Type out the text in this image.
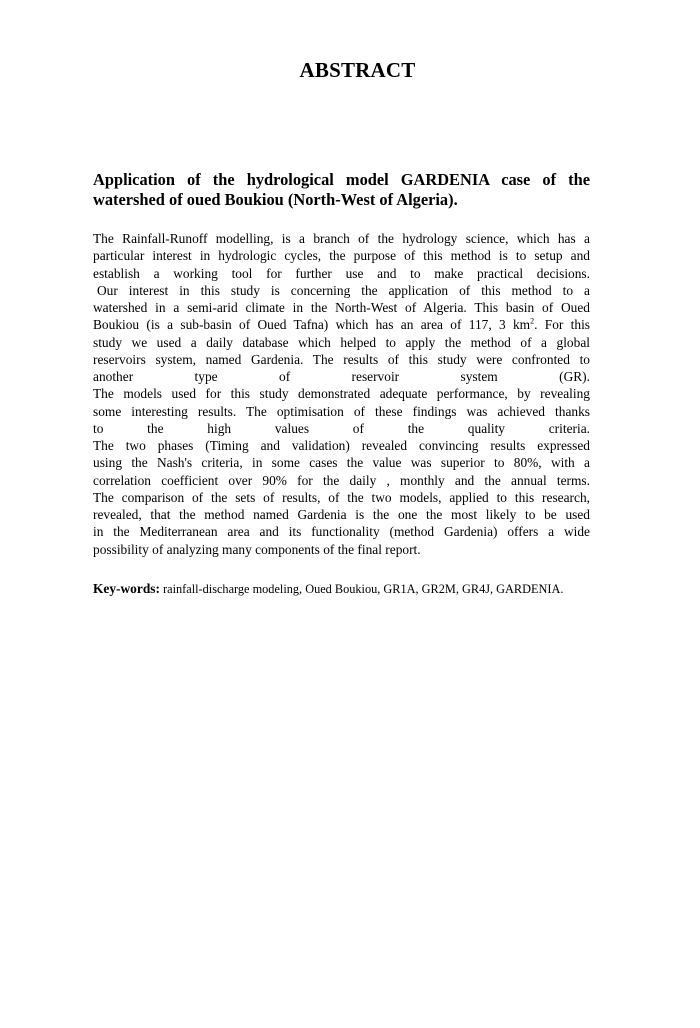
ABSTRACT
Application of the hydrological model GARDENIA case of the watershed of oued Boukiou (North-West of Algeria).
The Rainfall-Runoff modelling, is a branch of the hydrology science, which has a
particular interest in hydrologic cycles, the purpose of this method is to setup and
establish a working tool for further use and to make practical decisions.
Our interest in this study is concerning the application of this method to a
watershed in a semi-arid climate in the North-West of Algeria. This basin of Oued
Boukiou (is a sub-basin of Oued Tafna) which has an area of 117, 3 $km^2$. For this
study we used a daily database which helped to apply the method of a global
reservoirs system, named Gardenia. The results of this study were confronted to
another type of reservoir system (GR).
The models used for this study demonstrated adequate performance, by revealing
some interesting results. The optimisation of these findings was achieved thanks
to the high values of the quality criteria.
The two phases (Timing and validation) revealed convincing results expressed
using the Nash's criteria, in some cases the value was superior to 80%, with a
correlation coefficient over 90% for the daily , monthly and the annual terms.
The comparison of the sets of results, of the two models, applied to this research,
revealed, that the method named Gardenia is the one the most likely to be used
in the Mediterranean area and its functionality (method Gardenia) offers a wide
possibility of analyzing many components of the final report.
Key-words: rainfall-discharge modeling, Oued Boukiou, GR1A, GR2M, GR4J, GARDENIA.
